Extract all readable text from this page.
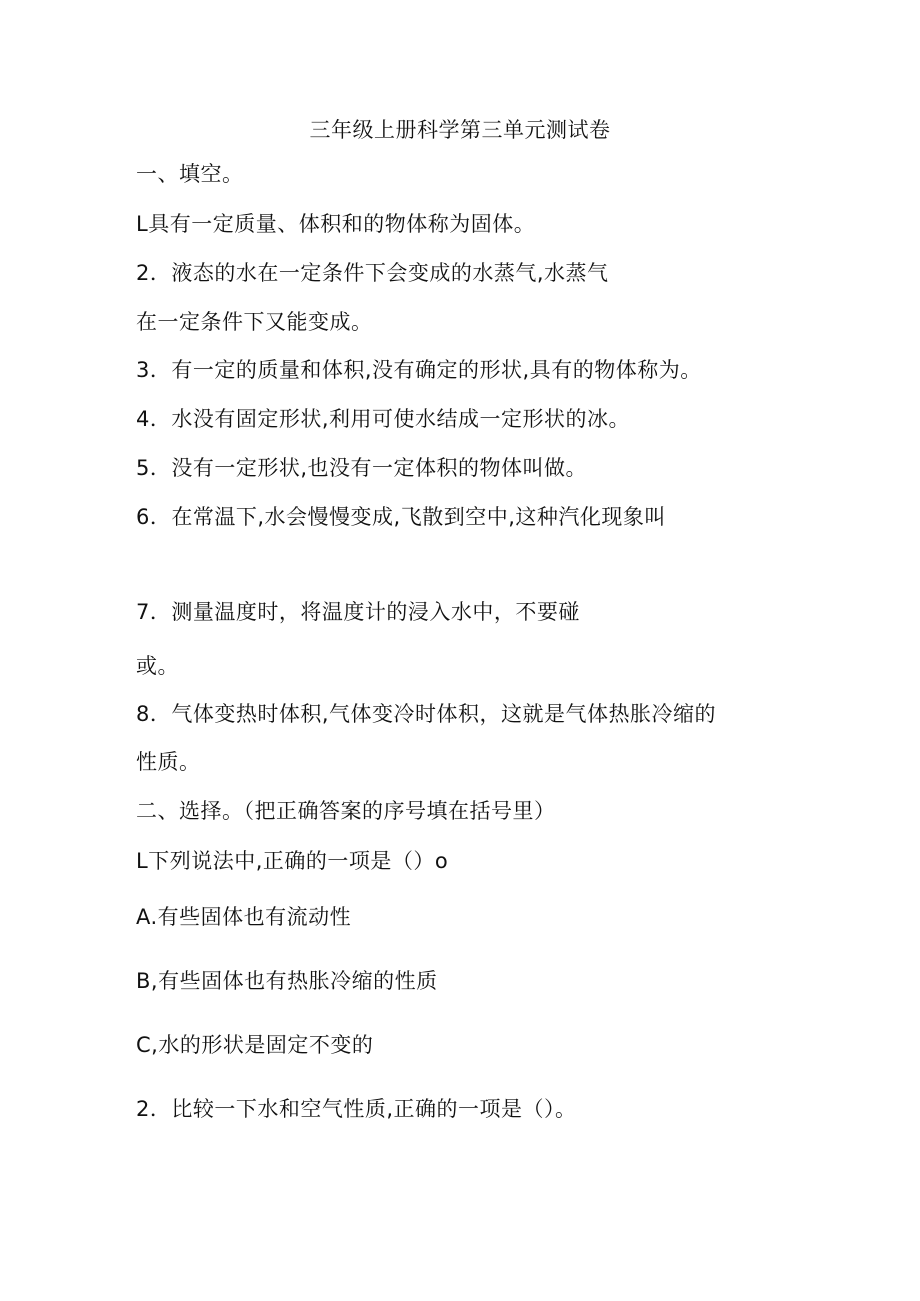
三年级上册科学第三单元测试卷
一、填空。
L具有一定质量、体积和的物体称为固体。
2．液态的水在一定条件下会变成的水蒸气,水蒸气
在一定条件下又能变成。
3．有一定的质量和体积,没有确定的形状,具有的物体称为。
4．水没有固定形状,利用可使水结成一定形状的冰。
5．没有一定形状,也没有一定体积的物体叫做。
6．在常温下,水会慢慢变成,飞散到空中,这种汽化现象叫
7．测量温度时，将温度计的浸入水中，不要碰
或。
8．气体变热时体积,气体变冷时体积，这就是气体热胀冷缩的
性质。
二、选择。（把正确答案的序号填在括号里）
L下列说法中,正确的一项是（）o
A.有些固体也有流动性
B,有些固体也有热胀冷缩的性质
C,水的形状是固定不变的
2．比较一下水和空气性质,正确的一项是（）。
